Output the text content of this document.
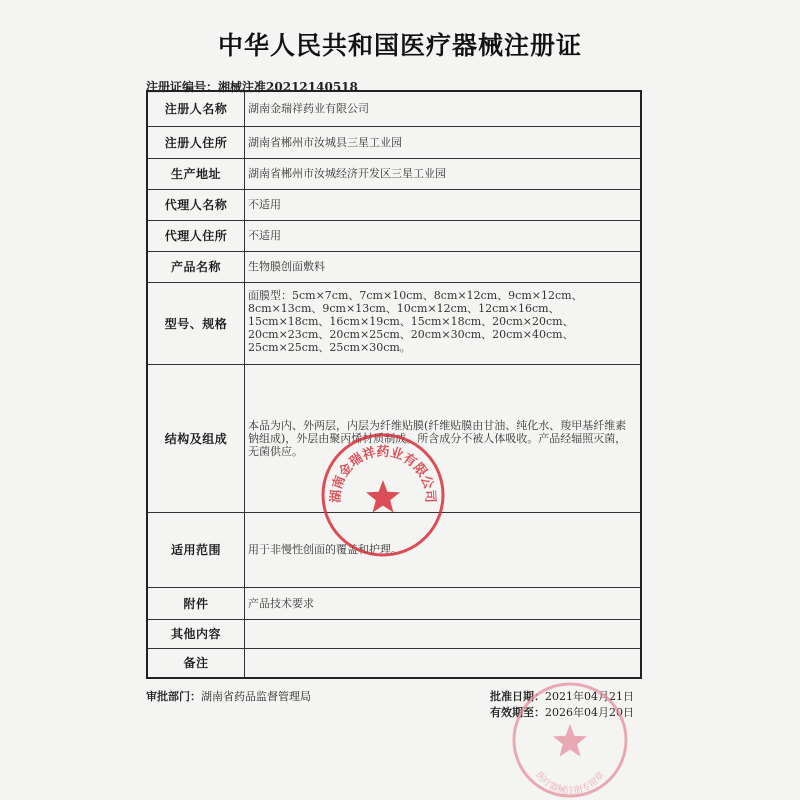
中华人民共和国医疗器械注册证
注册证编号：湘械注准20212140518
注册人名称	湖南金瑞祥药业有限公司
注册人住所	湖南省郴州市汝城县三星工业园
生产地址	湖南省郴州市汝城经济开发区三星工业园
代理人名称	不适用
代理人住所	不适用
产品名称	生物膜创面敷料
型号、规格	面膜型：5cm×7cm、7cm×10cm、8cm×12cm、9cm×12cm、8cm×13cm、9cm×13cm、10cm×12cm、12cm×16cm、15cm×18cm、16cm×19cm、15cm×18cm、20cm×20cm、20cm×23cm、20cm×25cm、20cm×30cm、20cm×40cm、25cm×25cm、25cm×30cm。
结构及组成	本品为内、外两层，内层为纤维贴膜(纤维贴膜由甘油、纯化水、羧甲基纤维素钠组成)，外层由聚丙烯材质制成。所含成分不被人体吸收。产品经辐照灭菌，无菌供应。
适用范围	用于非慢性创面的覆盖和护理。
附件	产品技术要求
其他内容	
备注	
审批部门：湖南省药品监督管理局	批准日期：2021年04月21日
有效期至：2026年04月20日
湖南金瑞祥药业有限公司
医疗器械注册专用章
